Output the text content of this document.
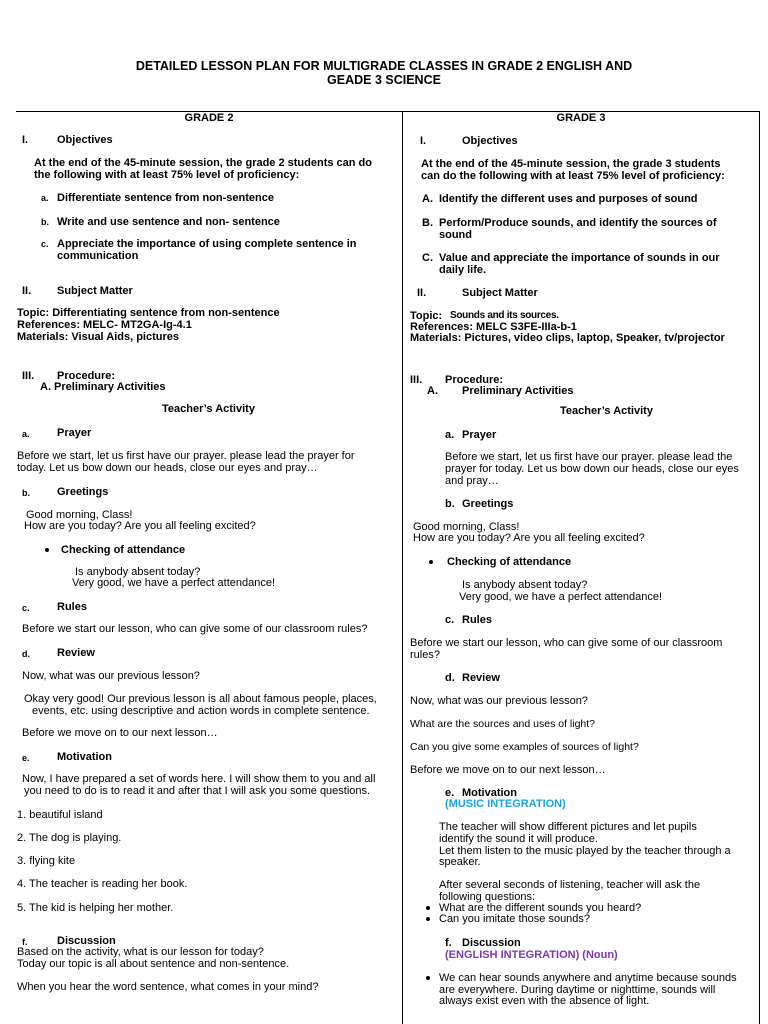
DETAILED LESSON PLAN FOR MULTIGRADE CLASSES IN GRADE 2 ENGLISH AND
GEADE 3 SCIENCE
GRADE 2
I.	Objectives
At the end of the 45-minute session, the grade 2 students can do
the following with at least 75% level of proficiency:
a. Differentiate sentence from non-sentence
b. Write and use sentence and non- sentence
c. Appreciate the importance of using complete sentence in
communication
II. Subject Matter
Topic: Differentiating sentence from non-sentence
References: MELC- MT2GA-Ig-4.1
Materials: Visual Aids, pictures
III. Procedure:
A. Preliminary Activities
Teacher’s Activity
a. Prayer
Before we start, let us first have our prayer. please lead the prayer for
today. Let us bow down our heads, close our eyes and pray…
b. Greetings
Good morning, Class!
How are you today? Are you all feeling excited?
Checking of attendance
Is anybody absent today?
Very good, we have a perfect attendance!
c. Rules
Before we start our lesson, who can give some of our classroom rules?
d. Review
Now, what was our previous lesson?
Okay very good! Our previous lesson is all about famous people, places,
events, etc. using descriptive and action words in complete sentence.
Before we move on to our next lesson…
e. Motivation
Now, I have prepared a set of words here. I will show them to you and all
you need to do is to read it and after that I will ask you some questions.
1. beautiful island
2. The dog is playing.
3. flying kite
4. The teacher is reading her book.
5. The kid is helping her mother.
f.	Discussion
Based on the activity, what is our lesson for today?
Today our topic is all about sentence and non-sentence.
When you hear the word sentence, what comes in your mind?
GRADE 3
I.	Objectives
At the end of the 45-minute session, the grade 3 students
can do the following with at least 75% level of proficiency:
A. Identify the different uses and purposes of sound
B. Perform/Produce sounds, and identify the sources of
sound
C. Value and appreciate the importance of sounds in our
daily life.
II.	Subject Matter
Topic: Sounds and its sources.
References: MELC S3FE-IIIa-b-1
Materials: Pictures, video clips, laptop, Speaker, tv/projector
III. Procedure:
A. Preliminary Activities
Teacher’s Activity
a. Prayer
Before we start, let us first have our prayer. please lead the
prayer for today. Let us bow down our heads, close our eyes
and pray…
b. Greetings
Good morning, Class!
How are you today? Are you all feeling excited?
Checking of attendance
Is anybody absent today?
Very good, we have a perfect attendance!
c. Rules
Before we start our lesson, who can give some of our classroom
rules?
d. Review
Now, what was our previous lesson?
What are the sources and uses of light?
Can you give some examples of sources of light?
Before we move on to our next lesson…
e. Motivation
(MUSIC INTEGRATION)
The teacher will show different pictures and let pupils
identify the sound it will produce.
Let them listen to the music played by the teacher through a
speaker.
After several seconds of listening, teacher will ask the
following questions:
What are the different sounds you heard?
Can you imitate those sounds?
f. Discussion
(ENGLISH INTEGRATION) (Noun)
We can hear sounds anywhere and anytime because sounds
are everywhere. During daytime or nighttime, sounds will
always exist even with the absence of light.
